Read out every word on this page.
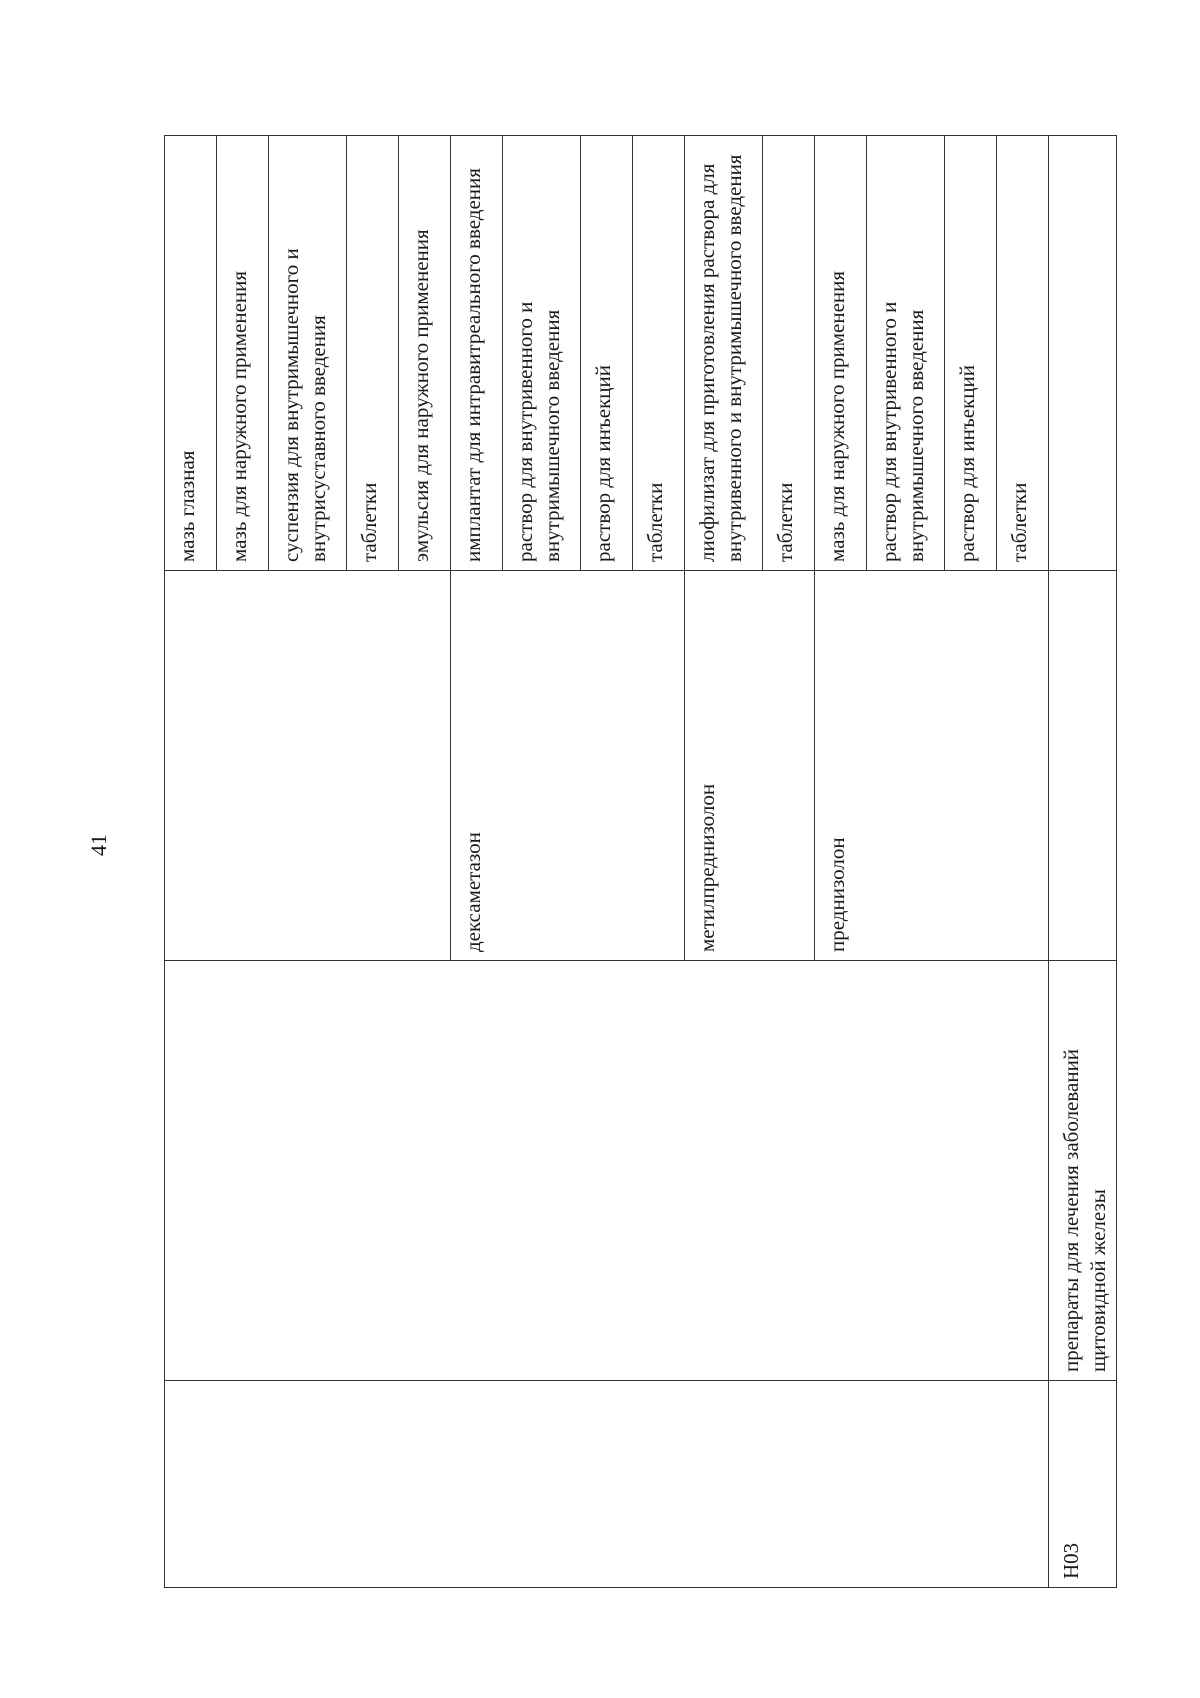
41
			мазь глазная
			мазь для наружного применения
			суспензия для внутримышечного и внутрисуставного введения
			таблетки
			эмульсия для наружного применения
		дексаметазон	имплантат для интравитреального введения
			раствор для внутривенного и внутримышечного введения
			раствор для инъекций
			таблетки
		метилпреднизолон	лиофилизат для приготовления раствора для внутривенного и внутримышечного введения
			таблетки
		преднизолон	мазь для наружного применения
			раствор для внутривенного и внутримышечного введения
			раствор для инъекций
			таблетки
H03	препараты для лечения заболеваний щитовидной железы		
